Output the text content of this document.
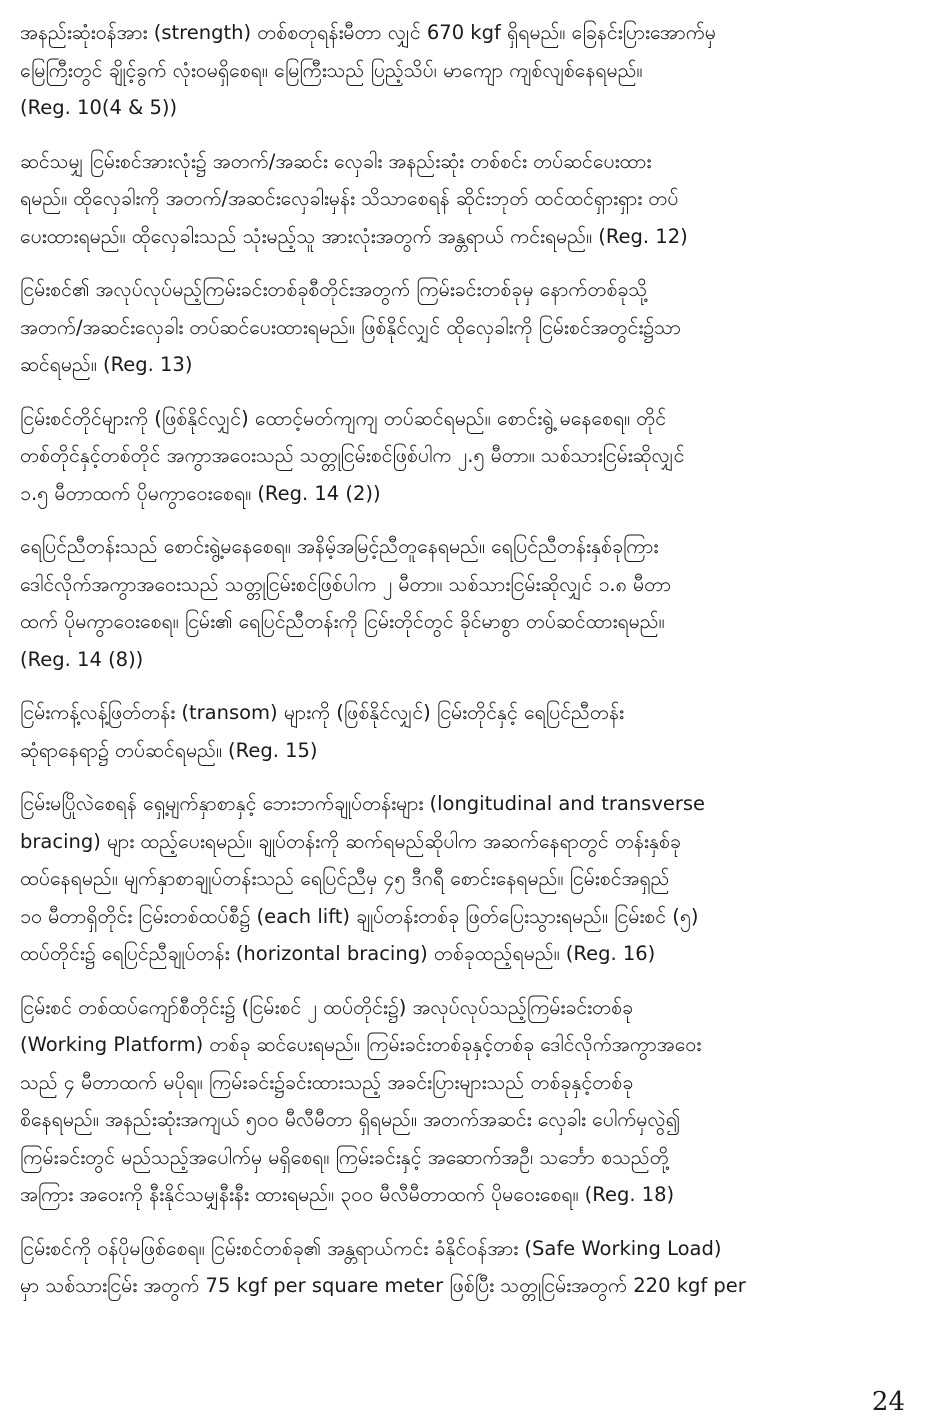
အနည်းဆုံးဝန်အား (strength) တစ်စတုရန်းမီတာ လျှင် 670 kgf ရှိရမည်။ ခြေနင်းပြားအောက်မှ
မြေကြီးတွင် ချိုင့်ခွက် လုံးဝမရှိစေရ။ မြေကြီးသည် ပြည့်သိပ်၊ မာကျော ကျစ်လျစ်နေရမည်။
(Reg. 10(4 & 5))

ဆင်သမျှ ငြမ်းစင်အားလုံး၌ အတက်/အဆင်း လှေခါး အနည်းဆုံး တစ်စင်း တပ်ဆင်ပေးထား
ရမည်။ ထိုလှေခါးကို အတက်/အဆင်းလှေခါးမှန်း သိသာစေရန် ဆိုင်းဘုတ် ထင်ထင်ရှားရှား တပ်
ပေးထားရမည်။ ထိုလှေခါးသည် သုံးမည့်သူ အားလုံးအတွက် အန္တရာယ် ကင်းရမည်။ (Reg. 12)

ငြမ်းစင်၏ အလုပ်လုပ်မည့်ကြမ်းခင်းတစ်ခုစီတိုင်းအတွက် ကြမ်းခင်းတစ်ခုမှ နောက်တစ်ခုသို့
အတက်/အဆင်းလှေခါး တပ်ဆင်ပေးထားရမည်။ ဖြစ်နိုင်လျှင် ထိုလှေခါးကို ငြမ်းစင်အတွင်း၌သာ
ဆင်ရမည်။ (Reg. 13)

ငြမ်းစင်တိုင်များကို (ဖြစ်နိုင်လျှင်) ထောင့်မတ်ကျကျ တပ်ဆင်ရမည်။ စောင်းရွဲ့ မနေစေရ။ တိုင်
တစ်တိုင်နှင့်တစ်တိုင် အကွာအဝေးသည် သတ္တုငြမ်းစင်ဖြစ်ပါက ၂.၅ မီတာ။ သစ်သားငြမ်းဆိုလျှင်
၁.၅ မီတာထက် ပိုမကွာဝေးစေရ။ (Reg. 14 (2))

ရေပြင်ညီတန်းသည် စောင်းရွဲ့မနေစေရ။ အနိမ့်အမြင့်ညီတူနေရမည်။ ရေပြင်ညီတန်းနှစ်ခုကြား
ဒေါင်လိုက်အကွာအဝေးသည် သတ္တုငြမ်းစင်ဖြစ်ပါက ၂ မီတာ။ သစ်သားငြမ်းဆိုလျှင် ၁.၈ မီတာ
ထက် ပိုမကွာဝေးစေရ။ ငြမ်း၏ ရေပြင်ညီတန်းကို ငြမ်းတိုင်တွင် ခိုင်မာစွာ တပ်ဆင်ထားရမည်။
(Reg. 14 (8))

ငြမ်းကန့်လန့်ဖြတ်တန်း (transom) များကို (ဖြစ်နိုင်လျှင်) ငြမ်းတိုင်နှင့် ရေပြင်ညီတန်း
ဆုံရာနေရာ၌ တပ်ဆင်ရမည်။ (Reg. 15)

ငြမ်းမပြိုလဲစေရန် ရှေ့မျက်နှာစာနှင့် ဘေးဘက်ချုပ်တန်းများ (longitudinal and transverse
bracing) များ ထည့်ပေးရမည်။ ချုပ်တန်းကို ဆက်ရမည်ဆိုပါက အဆက်နေရာတွင် တန်းနှစ်ခု
ထပ်နေရမည်။ မျက်နှာစာချုပ်တန်းသည် ရေပြင်ညီမှ ၄၅ ဒီဂရီ စောင်းနေရမည်။ ငြမ်းစင်အရှည်
၁၀ မီတာရှိတိုင်း ငြမ်းတစ်ထပ်စီ၌ (each lift) ချုပ်တန်းတစ်ခု ဖြတ်ပြေးသွားရမည်။ ငြမ်းစင် (၅)
ထပ်တိုင်း၌ ရေပြင်ညီချုပ်တန်း (horizontal bracing) တစ်ခုထည့်ရမည်။ (Reg. 16)

ငြမ်းစင် တစ်ထပ်ကျော်စီတိုင်း၌ (ငြမ်းစင် ၂ ထပ်တိုင်း၌) အလုပ်လုပ်သည့်ကြမ်းခင်းတစ်ခု
(Working Platform) တစ်ခု ဆင်ပေးရမည်။ ကြမ်းခင်းတစ်ခုနှင့်တစ်ခု ဒေါင်လိုက်အကွာအဝေး
သည် ၄ မီတာထက် မပိုရ။ ကြမ်းခင်း၌ခင်းထားသည့် အခင်းပြားများသည် တစ်ခုနှင့်တစ်ခု
စိနေရမည်။ အနည်းဆုံးအကျယ် ၅၀၀ မီလီမီတာ ရှိရမည်။ အတက်အဆင်း လှေခါး ပေါက်မှလွဲ၍
ကြမ်းခင်းတွင် မည်သည့်အပေါက်မှ မရှိစေရ။ ကြမ်းခင်းနှင့် အဆောက်အဦ၊ သင်္ဘော စသည်တို့
အကြား အဝေးကို နီးနိုင်သမျှနီးနီး ထားရမည်။ ၃၀၀ မီလီမီတာထက် ပိုမဝေးစေရ။ (Reg. 18)

ငြမ်းစင်ကို ဝန်ပိုမဖြစ်စေရ။ ငြမ်းစင်တစ်ခု၏ အန္တရာယ်ကင်း ခံနိုင်ဝန်အား (Safe Working Load)
မှာ သစ်သားငြမ်း အတွက် 75 kgf per square meter ဖြစ်ပြီး သတ္တုငြမ်းအတွက် 220 kgf per

24
